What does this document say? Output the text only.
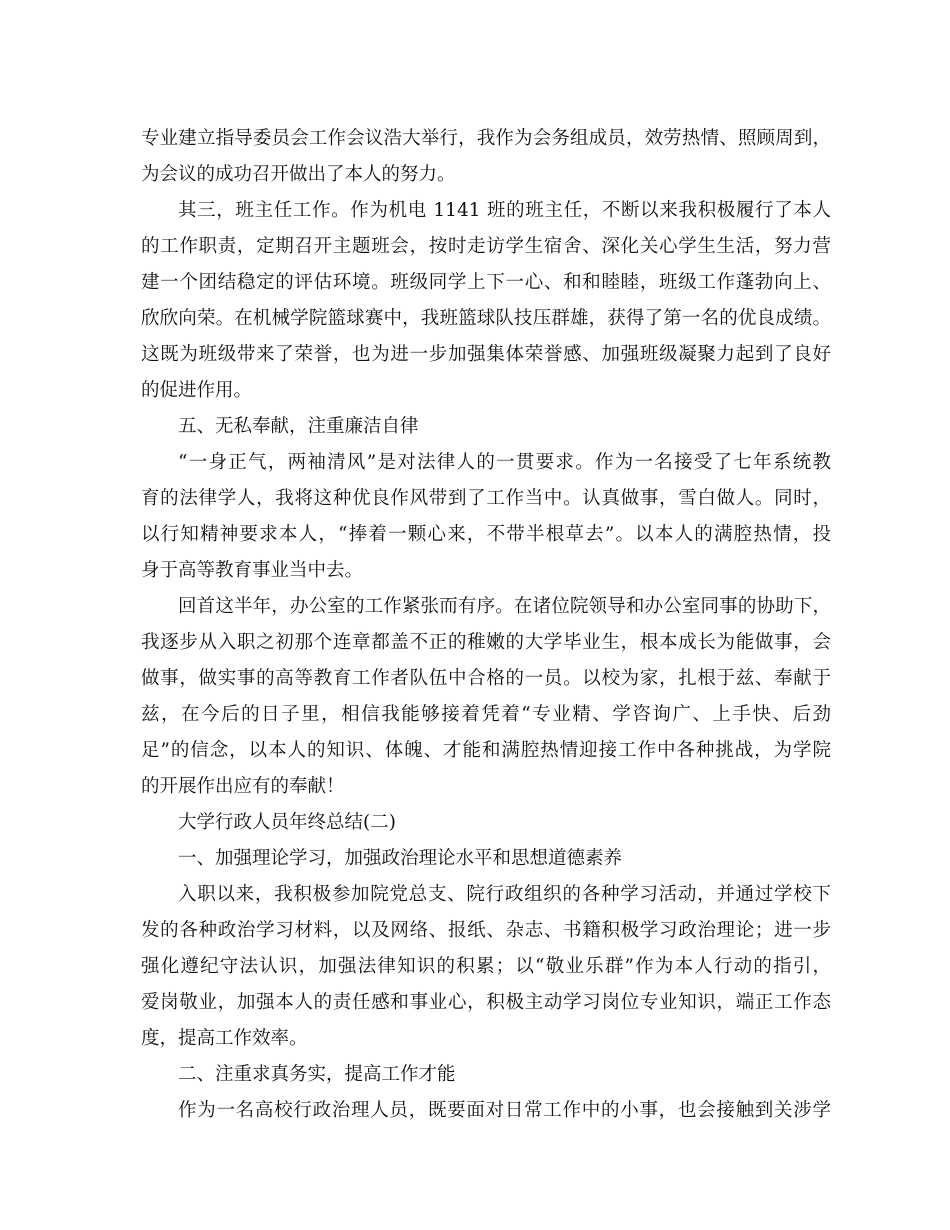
专业建立指导委员会工作会议浩大举行，我作为会务组成员，效劳热情、照顾周到，
为会议的成功召开做出了本人的努力。
其三，班主任工作。作为机电 1141 班的班主任，不断以来我积极履行了本人
的工作职责，定期召开主题班会，按时走访学生宿舍、深化关心学生生活，努力营
建一个团结稳定的评估环境。班级同学上下一心、和和睦睦，班级工作蓬勃向上、
欣欣向荣。在机械学院篮球赛中，我班篮球队技压群雄，获得了第一名的优良成绩。
这既为班级带来了荣誉，也为进一步加强集体荣誉感、加强班级凝聚力起到了良好
的促进作用。
五、无私奉献，注重廉洁自律
“一身正气，两袖清风”是对法律人的一贯要求。作为一名接受了七年系统教
育的法律学人，我将这种优良作风带到了工作当中。认真做事，雪白做人。同时，
以行知精神要求本人，“捧着一颗心来，不带半根草去”。以本人的满腔热情，投
身于高等教育事业当中去。
回首这半年，办公室的工作紧张而有序。在诸位院领导和办公室同事的协助下，
我逐步从入职之初那个连章都盖不正的稚嫩的大学毕业生，根本成长为能做事，会
做事，做实事的高等教育工作者队伍中合格的一员。以校为家，扎根于兹、奉献于
兹，在今后的日子里，相信我能够接着凭着“专业精、学咨询广、上手快、后劲
足”的信念，以本人的知识、体魄、才能和满腔热情迎接工作中各种挑战，为学院
的开展作出应有的奉献！
大学行政人员年终总结(二)
一、加强理论学习，加强政治理论水平和思想道德素养
入职以来，我积极参加院党总支、院行政组织的各种学习活动，并通过学校下
发的各种政治学习材料，以及网络、报纸、杂志、书籍积极学习政治理论；进一步
强化遵纪守法认识，加强法律知识的积累；以“敬业乐群”作为本人行动的指引，
爱岗敬业，加强本人的责任感和事业心，积极主动学习岗位专业知识，端正工作态
度，提高工作效率。
二、注重求真务实，提高工作才能
作为一名高校行政治理人员，既要面对日常工作中的小事，也会接触到关涉学
